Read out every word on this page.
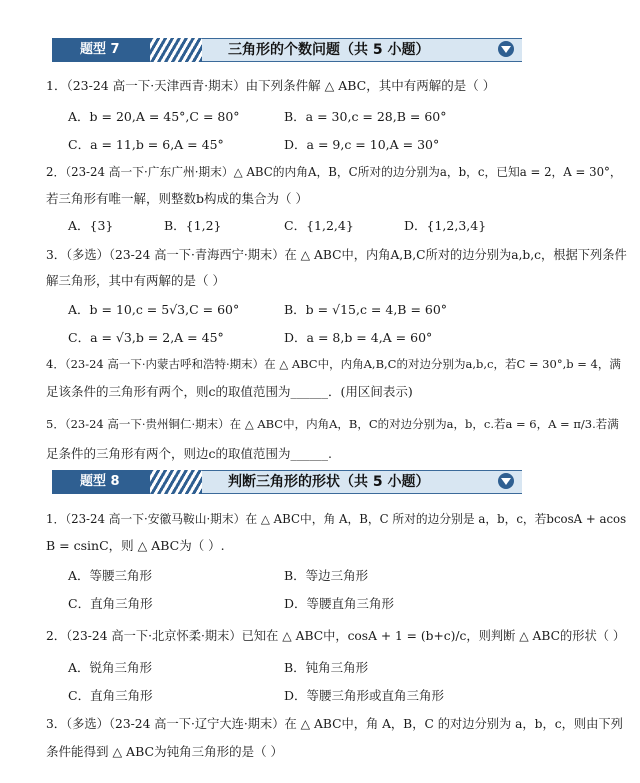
题型 7	三角形的个数问题（共 5 小题）
1．（23-24 高一下·天津西青·期末）由下列条件解 △ ABC，其中有两解的是（ ）
A．b = 20,A = 45°,C = 80°	B．a = 30,c = 28,B = 60°
C．a = 11,b = 6,A = 45°	D．a = 9,c = 10,A = 30°
2．（23-24 高一下·广东广州·期末）△ ABC的内角A，B，C所对的边分别为a，b，c，已知a = 2，A = 30°，
若三角形有唯一解，则整数b构成的集合为（ ）
A．{3}	B．{1,2}	C．{1,2,4}	D．{1,2,3,4}
3．（多选）（23-24 高一下·青海西宁·期末）在 △ ABC中，内角A,B,C所对的边分别为a,b,c，根据下列条件
解三角形，其中有两解的是（ ）
A．b = 10,c = 5√3,C = 60°	B．b = √15,c = 4,B = 60°
C．a = √3,b = 2,A = 45°	D．a = 8,b = 4,A = 60°
4．（23-24 高一下·内蒙古呼和浩特·期末）在 △ ABC中，内角A,B,C的对边分别为a,b,c，若C = 30°,b = 4，满
足该条件的三角形有两个，则c的取值范围为______．(用区间表示)
5．（23-24 高一下·贵州铜仁·期末）在 △ ABC中，内角A，B，C的对边分别为a，b，c.若a = 6，A = π/3.若满
足条件的三角形有两个，则边c的取值范围为______.
题型 8	判断三角形的形状（共 5 小题）
1．（23-24 高一下·安徽马鞍山·期末）在 △ ABC中，角 A，B，C 所对的边分别是 a，b，c，若bcosA + acos
B = csinC，则 △ ABC为（ ）.
A．等腰三角形	B．等边三角形
C．直角三角形	D．等腰直角三角形
2．（23-24 高一下·北京怀柔·期末）已知在 △ ABC中，cosA + 1 = (b+c)/c，则判断 △ ABC的形状（ ）
A．锐角三角形	B．钝角三角形
C．直角三角形	D．等腰三角形或直角三角形
3．（多选）（23-24 高一下·辽宁大连·期末）在 △ ABC中，角 A，B，C 的对边分别为 a，b，c，则由下列
条件能得到 △ ABC为钝角三角形的是（ ）
